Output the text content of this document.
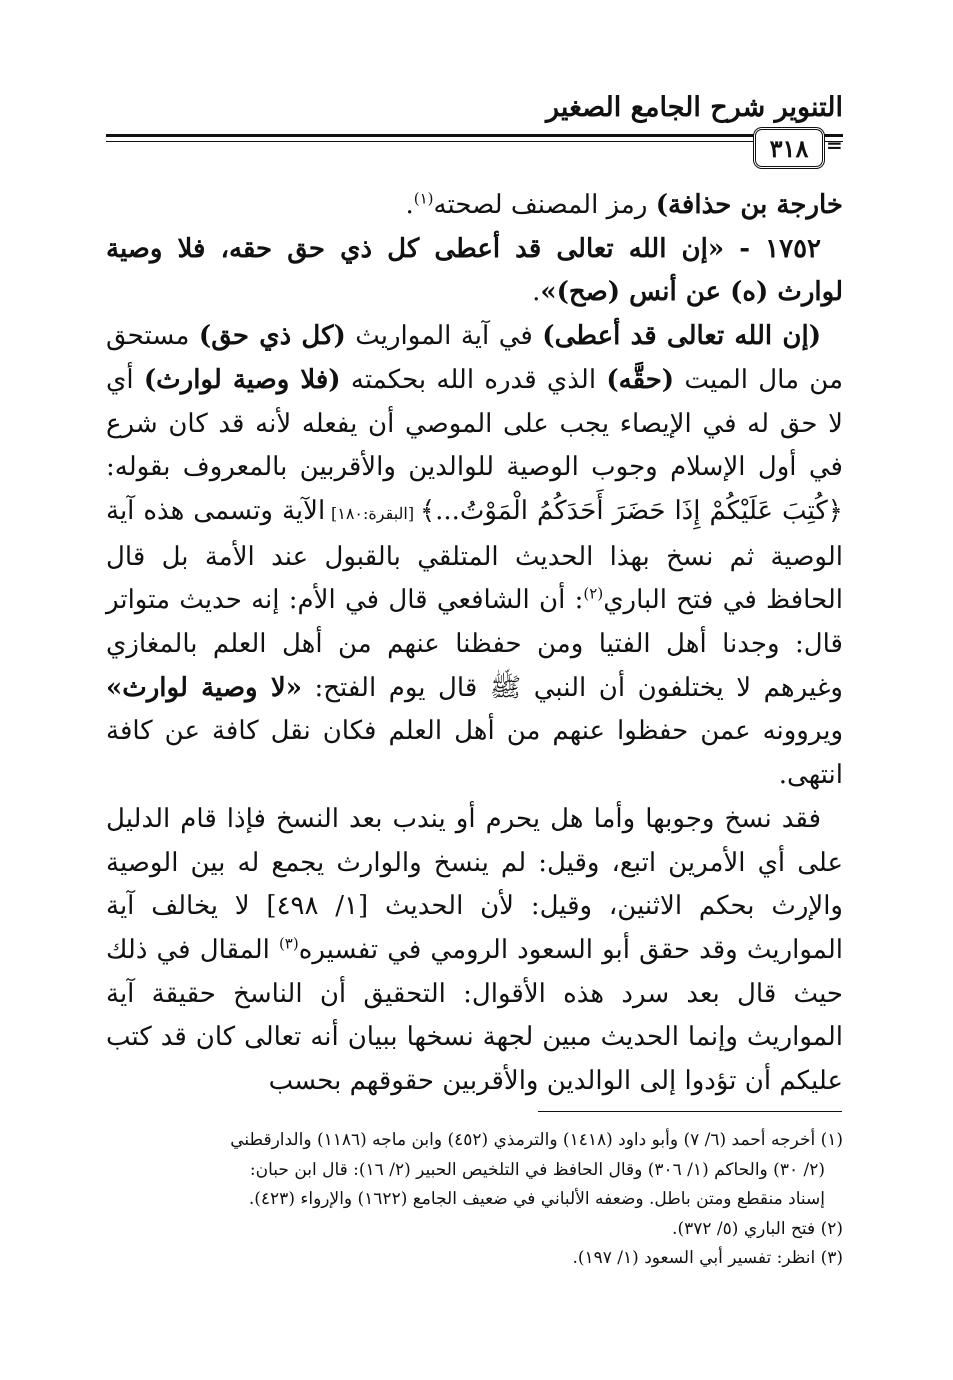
التنوير شرح الجامع الصغير
٣١٨ =

خارجة بن حذافة) رمز المصنف لصحته$^{(١)}$.

١٧٥٢ - «إن الله تعالى قد أعطى كل ذي حق حقه، فلا وصية لوارث (ه) عن أنس (صح)».

(إن الله تعالى قد أعطى) في آية المواريث (كل ذي حق) مستحق من مال الميت (حقَّه) الذي قدره الله بحكمته (فلا وصية لوارث) أي لا حق له في الإيصاء يجب على الموصي أن يفعله لأنه قد كان شرع في أول الإسلام وجوب الوصية للوالدين والأقربين بالمعروف بقوله: ﴿كُتِبَ عَلَيْكُمْ إِذَا حَضَرَ أَحَدَكُمُ الْمَوْتُ...﴾ [البقرة:١٨٠] الآية وتسمى هذه آية الوصية ثم نسخ بهذا الحديث المتلقي بالقبول عند الأمة بل قال الحافظ في فتح الباري$^{(٢)}$: أن الشافعي قال في الأم: إنه حديث متواتر قال: وجدنا أهل الفتيا ومن حفظنا عنهم من أهل العلم بالمغازي وغيرهم لا يختلفون أن النبي ﷺ قال يوم الفتح: «لا وصية لوارث» ويروونه عمن حفظوا عنهم من أهل العلم فكان نقل كافة عن كافة انتهى.

فقد نسخ وجوبها وأما هل يحرم أو يندب بعد النسخ فإذا قام الدليل على أي الأمرين اتبع، وقيل: لم ينسخ والوارث يجمع له بين الوصية والإرث بحكم الاثنين، وقيل: لأن الحديث [١/ ٤٩٨] لا يخالف آية المواريث وقد حقق أبو السعود الرومي في تفسيره$^{(٣)}$ المقال في ذلك حيث قال بعد سرد هذه الأقوال: التحقيق أن الناسخ حقيقة آية المواريث وإنما الحديث مبين لجهة نسخها ببيان أنه تعالى كان قد كتب عليكم أن تؤدوا إلى الوالدين والأقربين حقوقهم بحسب

(١) أخرجه أحمد (٦/ ٧) وأبو داود (١٤١٨) والترمذي (٤٥٢) وابن ماجه (١١٨٦) والدارقطني

(٢/ ٣٠) والحاكم (١/ ٣٠٦) وقال الحافظ في التلخيص الحبير (٢/ ١٦): قال ابن حبان:

إسناد منقطع ومتن باطل. وضعفه الألباني في ضعيف الجامع (١٦٢٢) والإرواء (٤٢٣).

(٢) فتح الباري (٥/ ٣٧٢).

(٣) انظر: تفسير أبي السعود (١/ ١٩٧).
